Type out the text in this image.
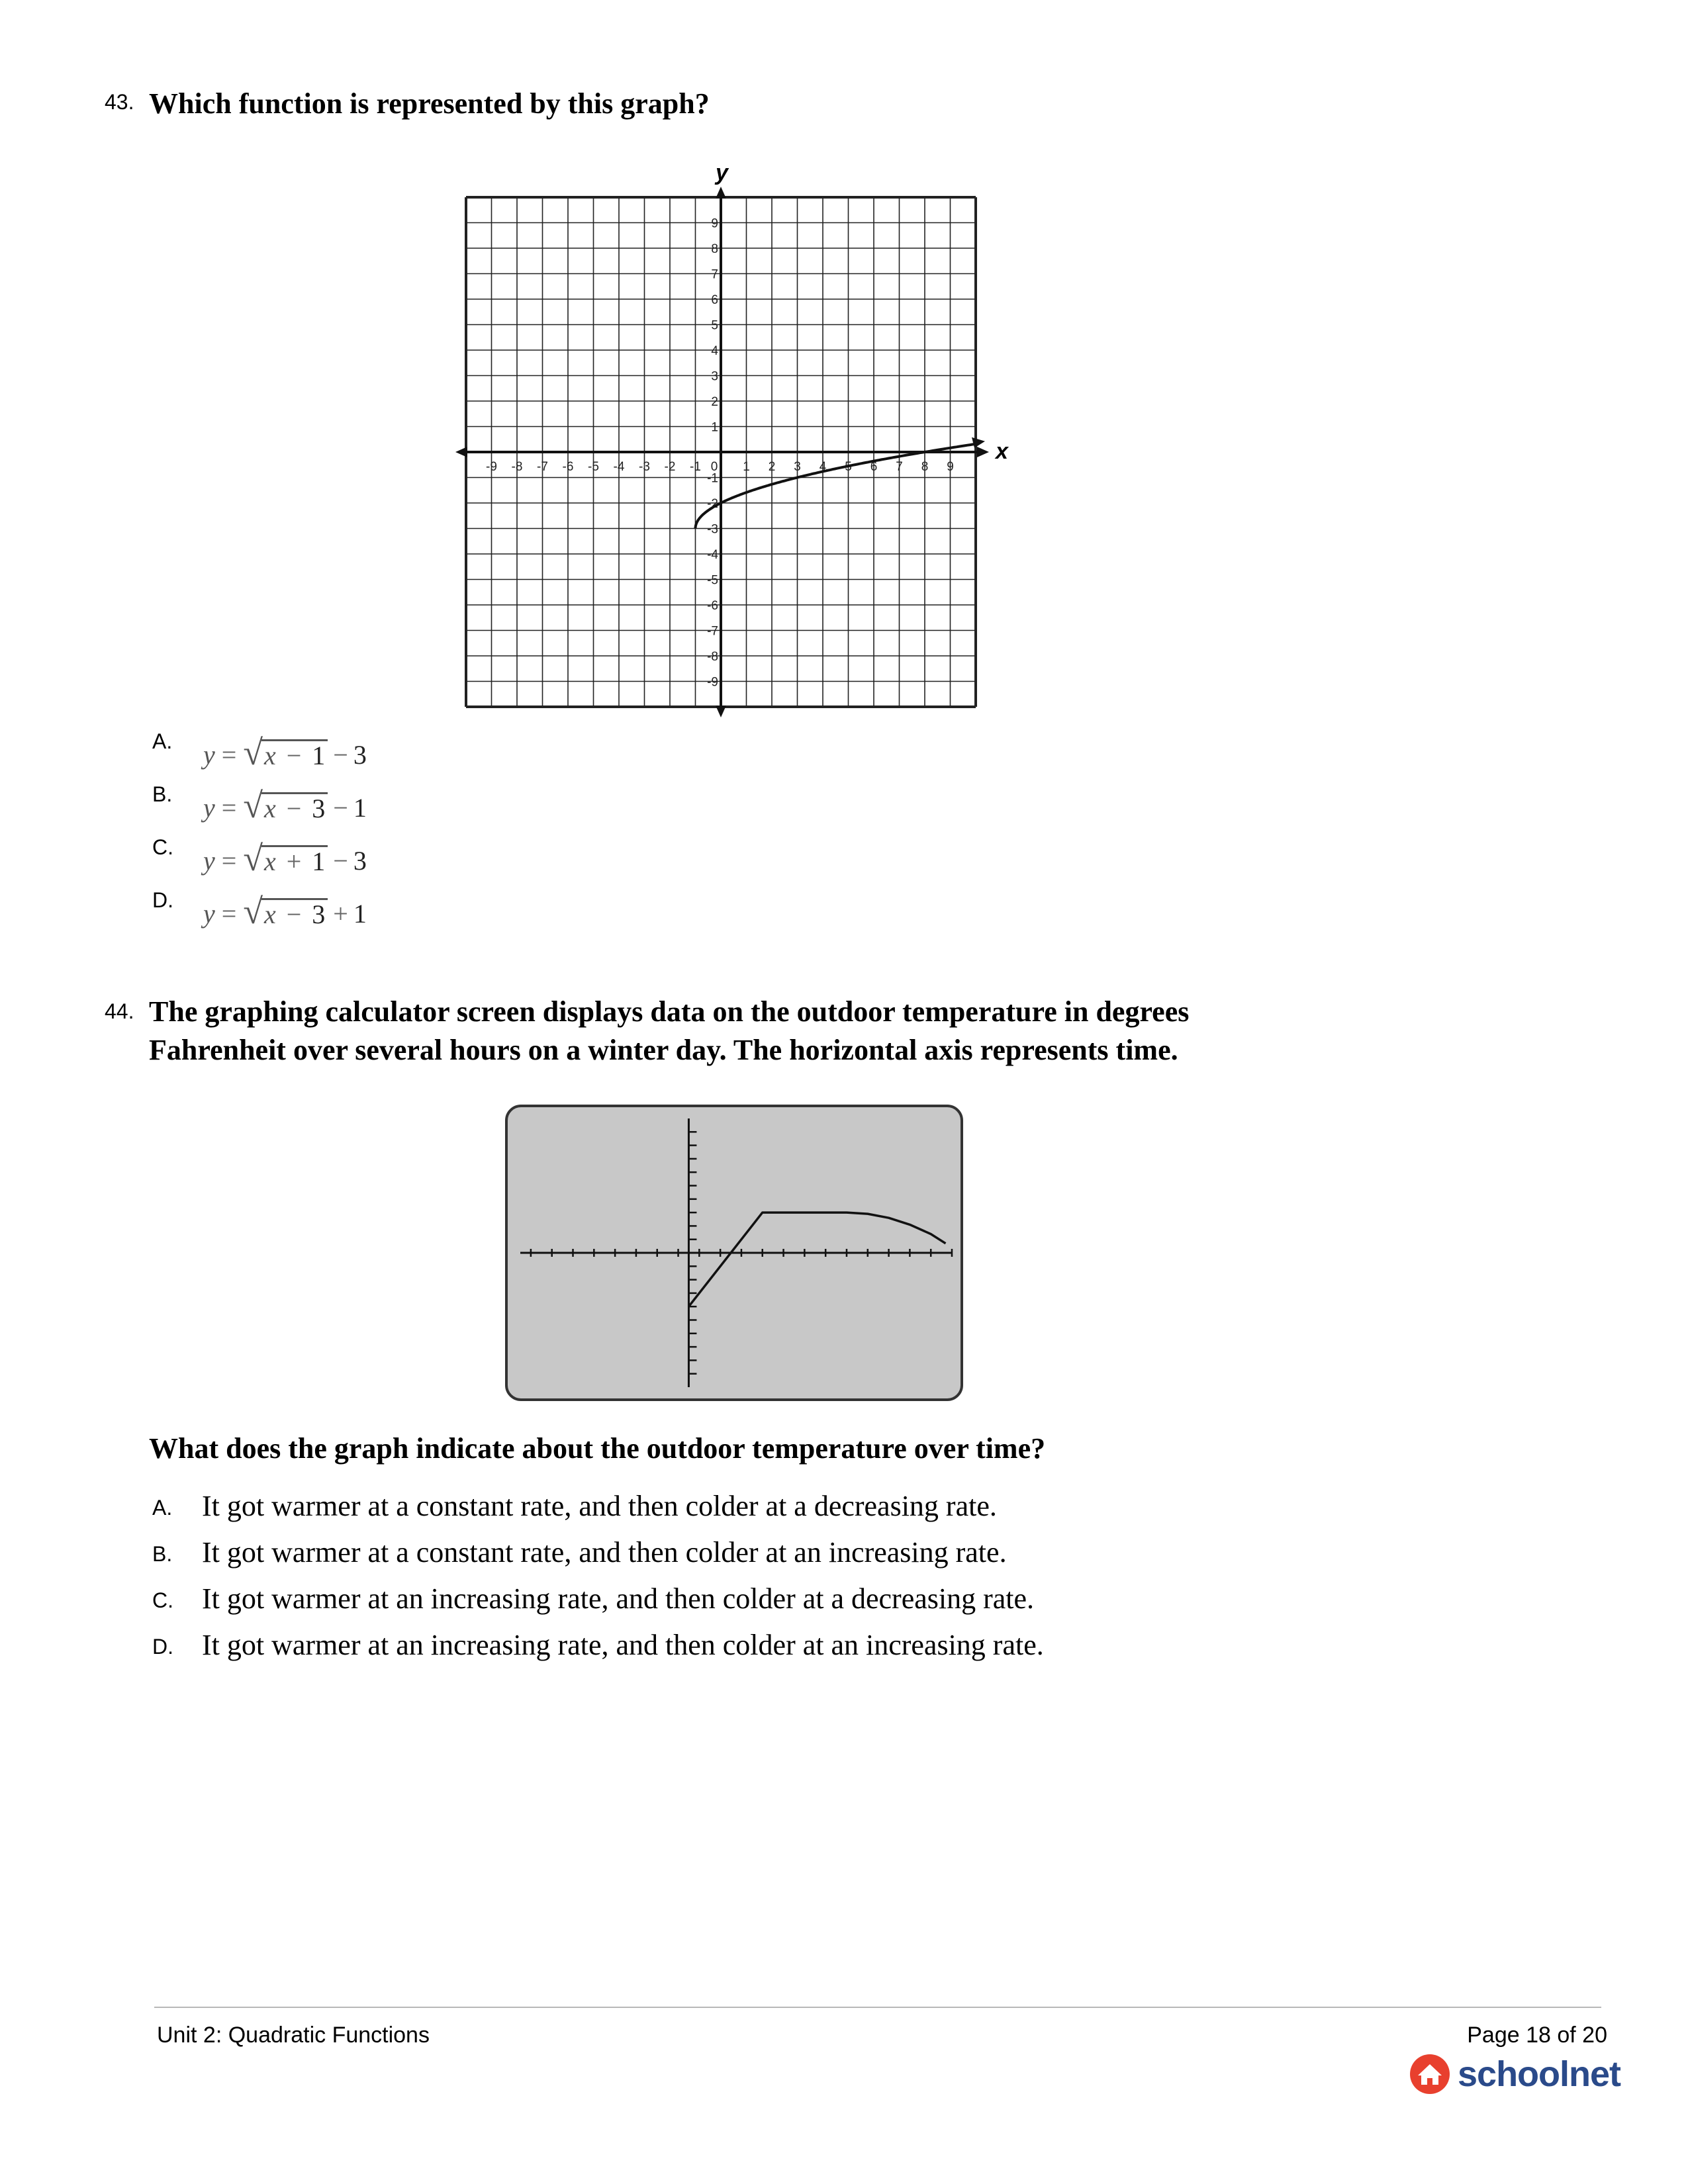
43. Which function is represented by this graph?
x
y
-9 -8 -7 -6 -5 -4 -3 -2 -1 0 1 2 3 4 5 6 7 8 9
9
8
7
6
5
4
3
2
1
-1
-2
-3
-4
-5
-6
-7
-8
-9
A. y = √ x − 1 − 3
B. y = √ x − 3 − 1
C. y = √ x + 1 − 3
D. y = √ x − 3 + 1
44. The graphing calculator screen displays data on the outdoor temperature in degrees
Fahrenheit over several hours on a winter day. The horizontal axis represents time.
What does the graph indicate about the outdoor temperature over time?
A. It got warmer at a constant rate, and then colder at a decreasing rate.
B. It got warmer at a constant rate, and then colder at an increasing rate.
C. It got warmer at an increasing rate, and then colder at a decreasing rate.
D. It got warmer at an increasing rate, and then colder at an increasing rate.
Unit 2: Quadratic Functions	Page 18 of 20
schoolnet
